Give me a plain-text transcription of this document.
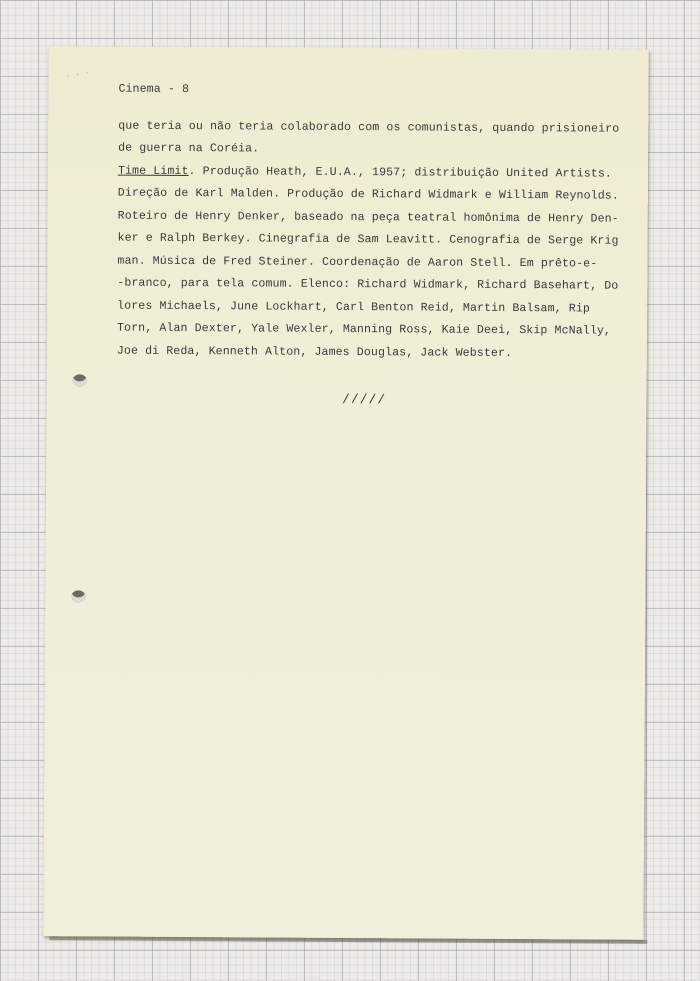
˙ ˙ ˙
Cinema - 8

que teria ou não teria colaborado com os comunistas, quando prisioneiro
de guerra na Coréia.

Time Limit. Produção Heath, E.U.A., 1957; distribuição United Artists.
Direção de Karl Malden. Produção de Richard Widmark e William Reynolds.
Roteiro de Henry Denker, baseado na peça teatral homônima de Henry Den-
ker e Ralph Berkey. Cinegrafia de Sam Leavitt. Cenografia de Serge Krig
man. Música de Fred Steiner. Coordenação de Aaron Stell. Em prêto-e-
-branco, para tela comum. Elenco: Richard Widmark, Richard Basehart, Do
lores Michaels, June Lockhart, Carl Benton Reid, Martin Balsam, Rip
Torn, Alan Dexter, Yale Wexler, Manning Ross, Kaie Deei, Skip McNally,
Joe di Reda, Kenneth Alton, James Douglas, Jack Webster.

/////
